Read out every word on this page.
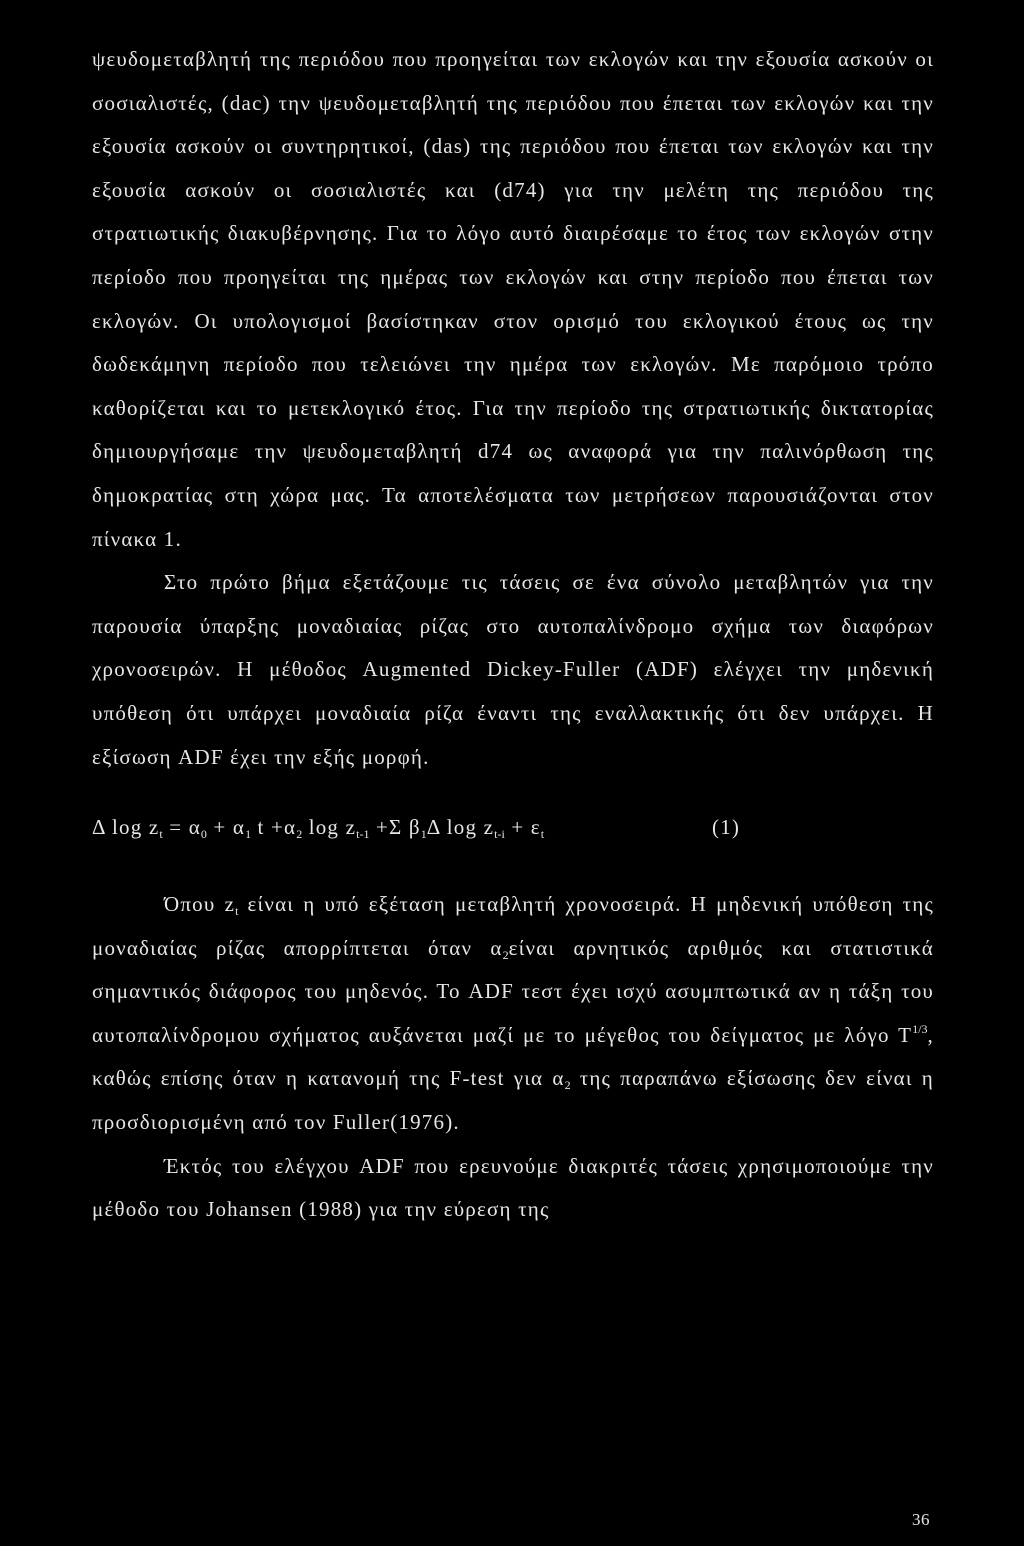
ψευδομεταβλητή της περιόδου που προηγείται των εκλογών και την εξουσία ασκούν οι σοσιαλιστές, (dac) την ψευδομεταβλητή της περιόδου που έπεται των εκλογών και την εξουσία ασκούν οι συντηρητικοί, (das) της περιόδου που έπεται των εκλογών και την εξουσία ασκούν οι σοσιαλιστές και (d74) για την μελέτη της περιόδου της στρατιωτικής διακυβέρνησης. Για το λόγο αυτό διαιρέσαμε το έτος των εκλογών στην περίοδο που προηγείται της ημέρας των εκλογών και στην περίοδο που έπεται των εκλογών. Οι υπολογισμοί βασίστηκαν στον ορισμό του εκλογικού έτους ως την δωδεκάμηνη περίοδο που τελειώνει την ημέρα των εκλογών. Με παρόμοιο τρόπο καθορίζεται και το μετεκλογικό έτος. Για την περίοδο της στρατιωτικής δικτατορίας δημιουργήσαμε την ψευδομεταβλητή d74 ως αναφορά για την παλινόρθωση της δημοκρατίας στη χώρα μας. Τα αποτελέσματα των μετρήσεων παρουσιάζονται στον πίνακα 1.

Στο πρώτο βήμα εξετάζουμε τις τάσεις σε ένα σύνολο μεταβλητών για την παρουσία ύπαρξης μοναδιαίας ρίζας στο αυτοπαλίνδρομο σχήμα των διαφόρων χρονοσειρών. Η μέθοδος Augmented Dickey-Fuller (ADF) ελέγχει την μηδενική υπόθεση ότι υπάρχει μοναδιαία ρίζα έναντι της εναλλακτικής ότι δεν υπάρχει. Η εξίσωση ADF έχει την εξής μορφή.

Δ $\log z_t = \alpha_0 + \alpha_1$ $t +\alpha_2$ $\log z_{t-1} +\Sigma$ $\beta_1\Delta$ $\log z_{t-i} + \varepsilon_t$	(1)

Όπου $z_t$ είναι η υπό εξέταση μεταβλητή χρονοσειρά. Η μηδενική υπόθεση της μοναδιαίας ρίζας απορρίπτεται όταν $\alpha_2\varepsilon ί\nu\alpha\iota$ αρνητικός αριθμός και στατιστικά σημαντικός διάφορος του μηδενός. Το ADF τεστ έχει ισχύ ασυμπτωτικά αν η τάξη του αυτοπαλίνδρομου σχήματος αυξάνεται μαζί με το μέγεθος του δείγματος με λόγο $T^{1/3}$, καθώς επίσης όταν η κατανομή της F-test για $\alpha_2$ της παραπάνω εξίσωσης δεν είναι η προσδιορισμένη από τον Fuller(1976).

Έκτός του ελέγχου ADF που ερευνούμε διακριτές τάσεις χρησιμοποιούμε την μέθοδο του Johansen (1988) για την εύρεση της

36
